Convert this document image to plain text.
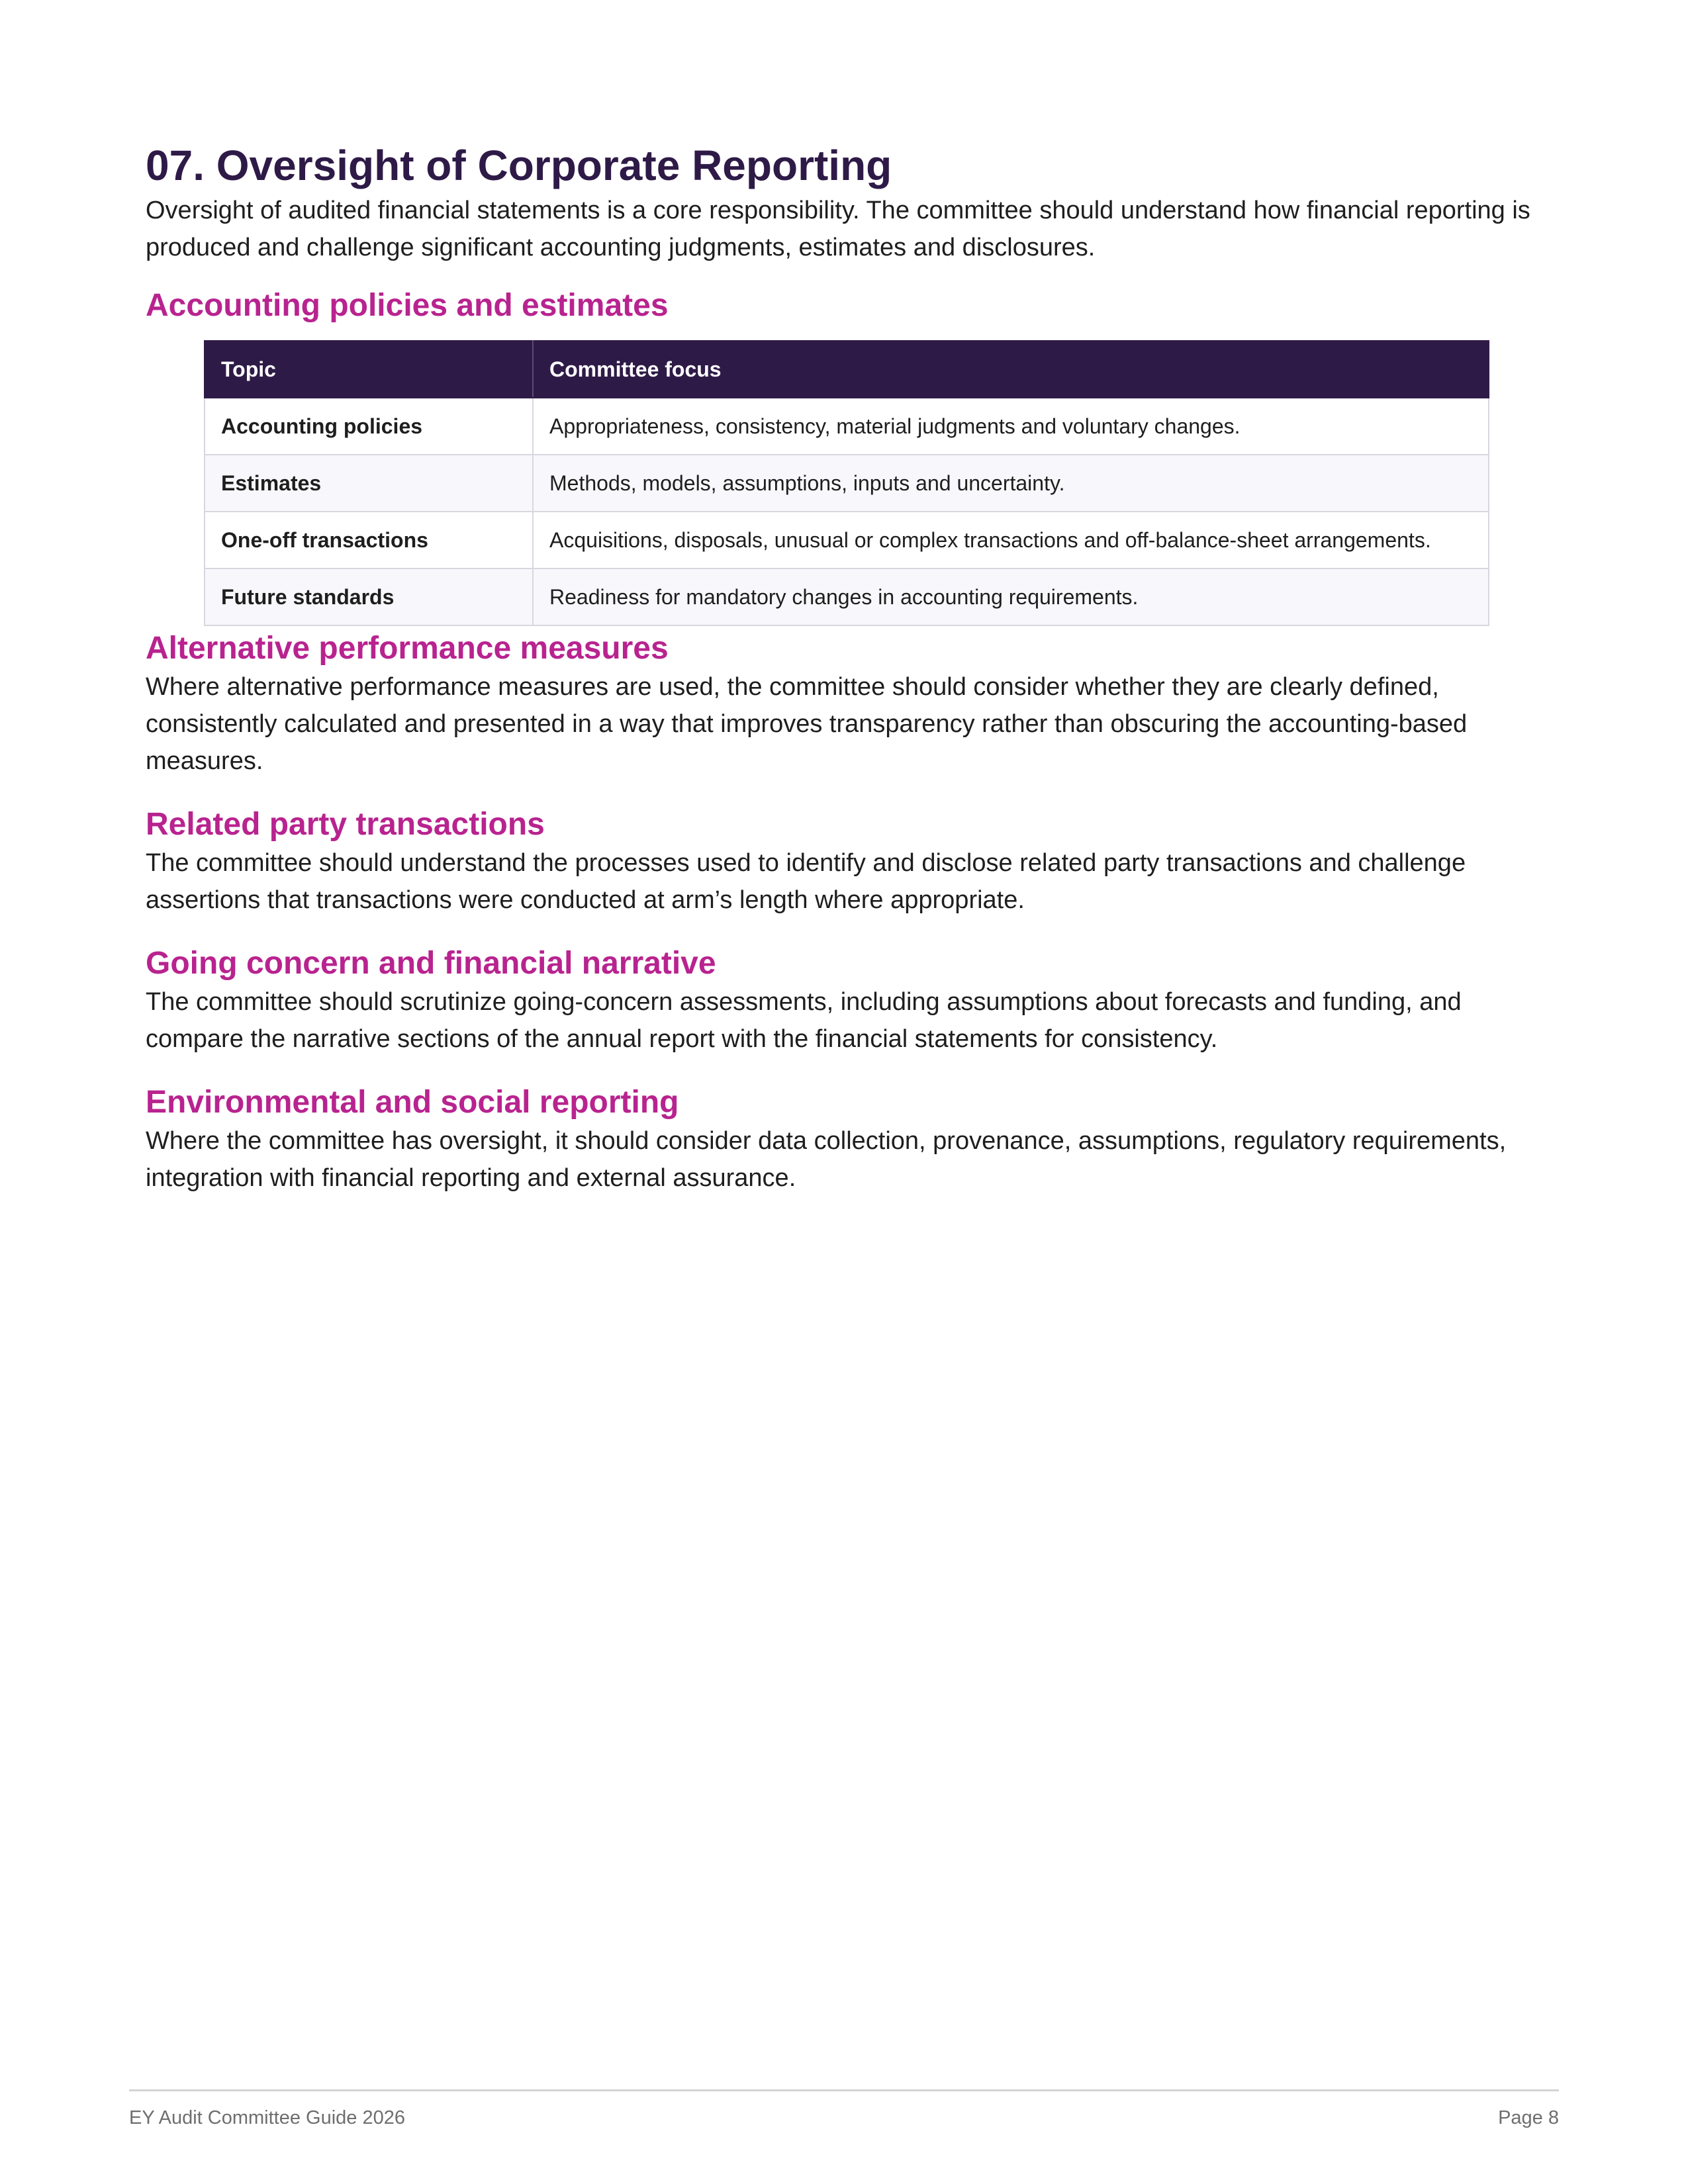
07. Oversight of Corporate Reporting

Oversight of audited financial statements is a core responsibility. The committee should understand how financial reporting is produced and challenge significant accounting judgments, estimates and disclosures.

Accounting policies and estimates
Topic	Committee focus
Accounting policies	Appropriateness, consistency, material judgments and voluntary changes.
Estimates	Methods, models, assumptions, inputs and uncertainty.
One-off transactions	Acquisitions, disposals, unusual or complex transactions and off-balance-sheet arrangements.
Future standards	Readiness for mandatory changes in accounting requirements.
Alternative performance measures

Where alternative performance measures are used, the committee should consider whether they are clearly defined, consistently calculated and presented in a way that improves transparency rather than obscuring the accounting-based measures.

Related party transactions

The committee should understand the processes used to identify and disclose related party transactions and challenge assertions that transactions were conducted at arm’s length where appropriate.

Going concern and financial narrative

The committee should scrutinize going-concern assessments, including assumptions about forecasts and funding, and compare the narrative sections of the annual report with the financial statements for consistency.

Environmental and social reporting

Where the committee has oversight, it should consider data collection, provenance, assumptions, regulatory requirements, integration with financial reporting and external assurance.

EY Audit Committee Guide 2026	Page 8
